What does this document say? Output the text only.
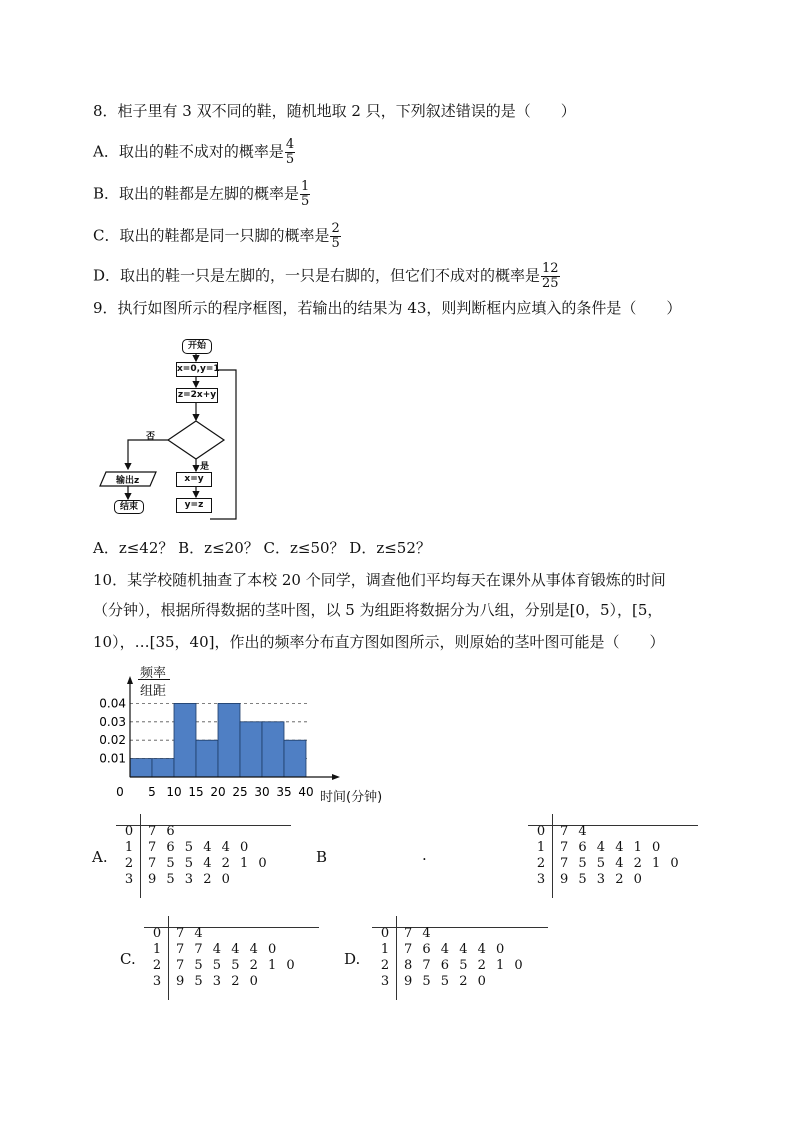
8．柜子里有 3 双不同的鞋，随机地取 2 只，下列叙述错误的是（　　）
A．取出的鞋不成对的概率是 $\frac{4}{5}$
B．取出的鞋都是左脚的概率是 $\frac{1}{5}$
C．取出的鞋都是同一只脚的概率是 $\frac{2}{5}$
D．取出的鞋一只是左脚的，一只是右脚的，但它们不成对的概率是 $\frac{12}{25}$
9．执行如图所示的程序框图，若输出的结果为 43，则判断框内应填入的条件是（　　）
开始
x=0,y=1
z=2x+y
否
是
输出z
结束
x=y
y=z
A．z≤42？ B．z≤20？ C．z≤50？ D．z≤52？
10．某学校随机抽查了本校 20 个同学，调查他们平均每天在课外从事体育锻炼的时间
（分钟），根据所得数据的茎叶图，以 5 为组距将数据分为八组，分别是[0，5），[5，
10），…[35，40]，作出的频率分布直方图如图所示，则原始的茎叶图可能是（　　）
频率
组距
0.01
0.02
0.03
0.04
0 5 10 15 20 25 30 35 40 时间(分钟)
A.
0 7 6
1 7 6 5 4 4 0
2 7 5 5 4 2 1 0
3 9 5 3 2 0
B	.
0 7 4
1 7 6 4 4 1 0
2 7 5 5 4 2 1 0
3 9 5 3 2 0
C.
0 7 4
1 7 7 4 4 4 0
2 7 5 5 5 2 1 0
3 9 5 3 2 0
D.
0 7 4
1 7 6 4 4 4 0
2 8 7 6 5 2 1 0
3 9 5 5 2 0
